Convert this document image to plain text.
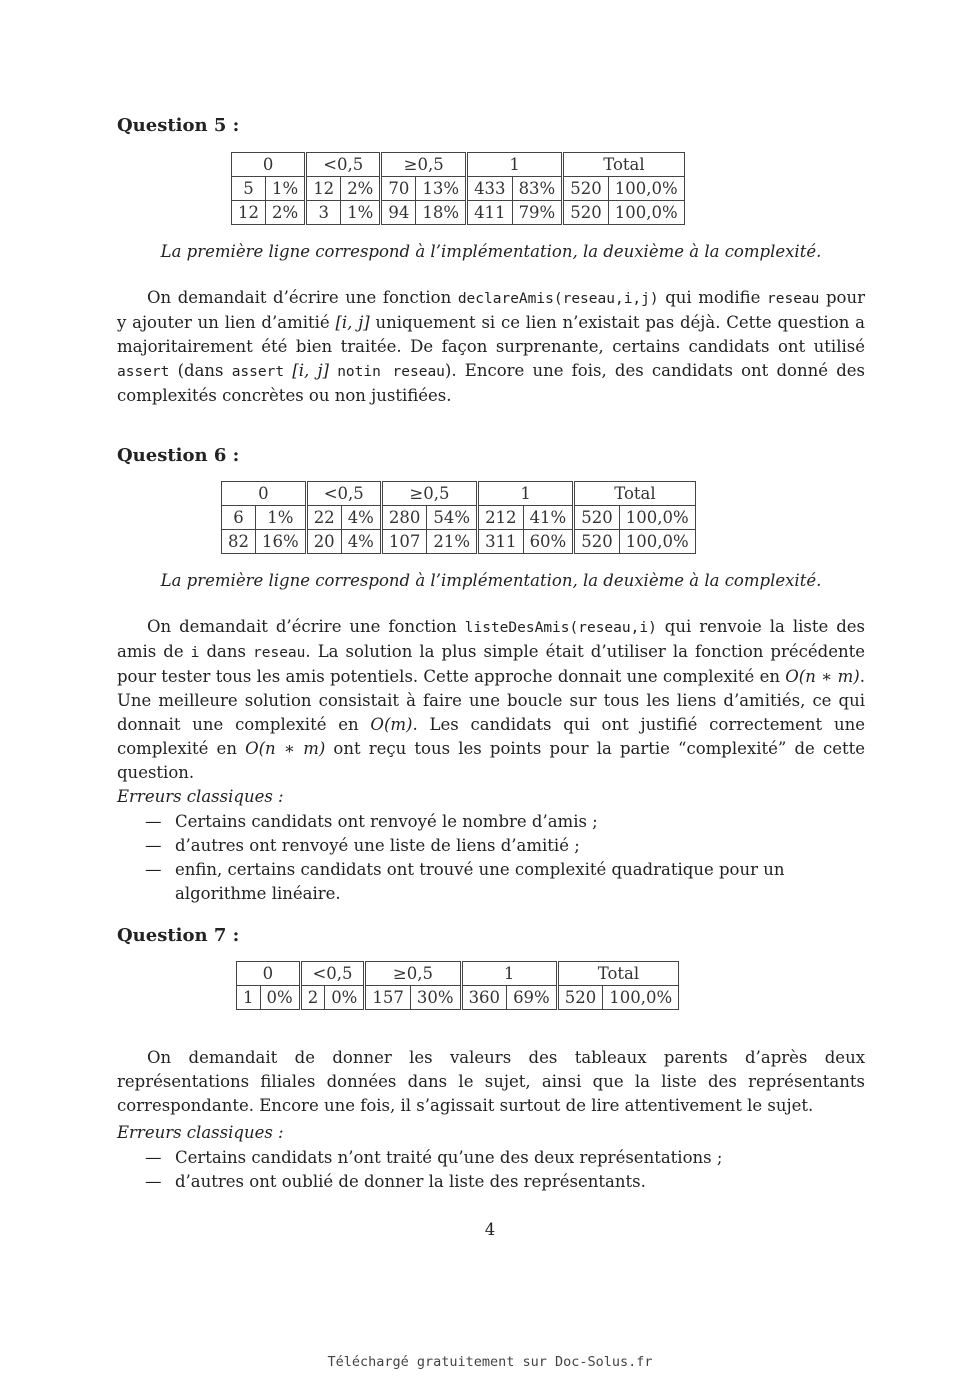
Question 5 :
0		<0,5		≥0,5		1		Total	
5	1%	12	2%	70	13%	433	83%	520	100,0%
12	2%	3	1%	94	18%	411	79%	520	100,0%
La première ligne correspond à l’implémentation, la deuxième à la complexité.
On demandait d’écrire une fonction declareAmis(reseau,i,j) qui modifie reseau pour y ajouter un lien d’amitié [i, j] uniquement si ce lien n’existait pas déjà. Cette question a majoritairement été bien traitée. De façon surprenante, certains candidats ont utilisé assert (dans assert [i, j] notin reseau). Encore une fois, des candidats ont donné des complexités concrètes ou non justifiées.
Question 6 :
0		<0,5		≥0,5		1		Total	
6	1%	22	4%	280	54%	212	41%	520	100,0%
82	16%	20	4%	107	21%	311	60%	520	100,0%
La première ligne correspond à l’implémentation, la deuxième à la complexité.
On demandait d’écrire une fonction listeDesAmis(reseau,i) qui renvoie la liste des amis de i dans reseau. La solution la plus simple était d’utiliser la fonction précédente pour tester tous les amis potentiels. Cette approche donnait une complexité en O(n ∗ m). Une meilleure solution consistait à faire une boucle sur tous les liens d’amitiés, ce qui donnait une complexité en O(m). Les candidats qui ont justifié correctement une complexité en O(n ∗ m) ont reçu tous les points pour la partie “complexité” de cette question.
Erreurs classiques :
— Certains candidats ont renvoyé le nombre d’amis ;
— d’autres ont renvoyé une liste de liens d’amitié ;
— enfin, certains candidats ont trouvé une complexité quadratique pour un algorithme linéaire.
Question 7 :
0		<0,5		≥0,5		1		Total	
1	0%	2	0%	157	30%	360	69%	520	100,0%
On demandait de donner les valeurs des tableaux parents d’après deux représentations filiales données dans le sujet, ainsi que la liste des représentants correspondante. Encore une fois, il s’agissait surtout de lire attentivement le sujet.
Erreurs classiques :
— Certains candidats n’ont traité qu’une des deux représentations ;
— d’autres ont oublié de donner la liste des représentants.
4
Téléchargé gratuitement sur Doc-Solus.fr
